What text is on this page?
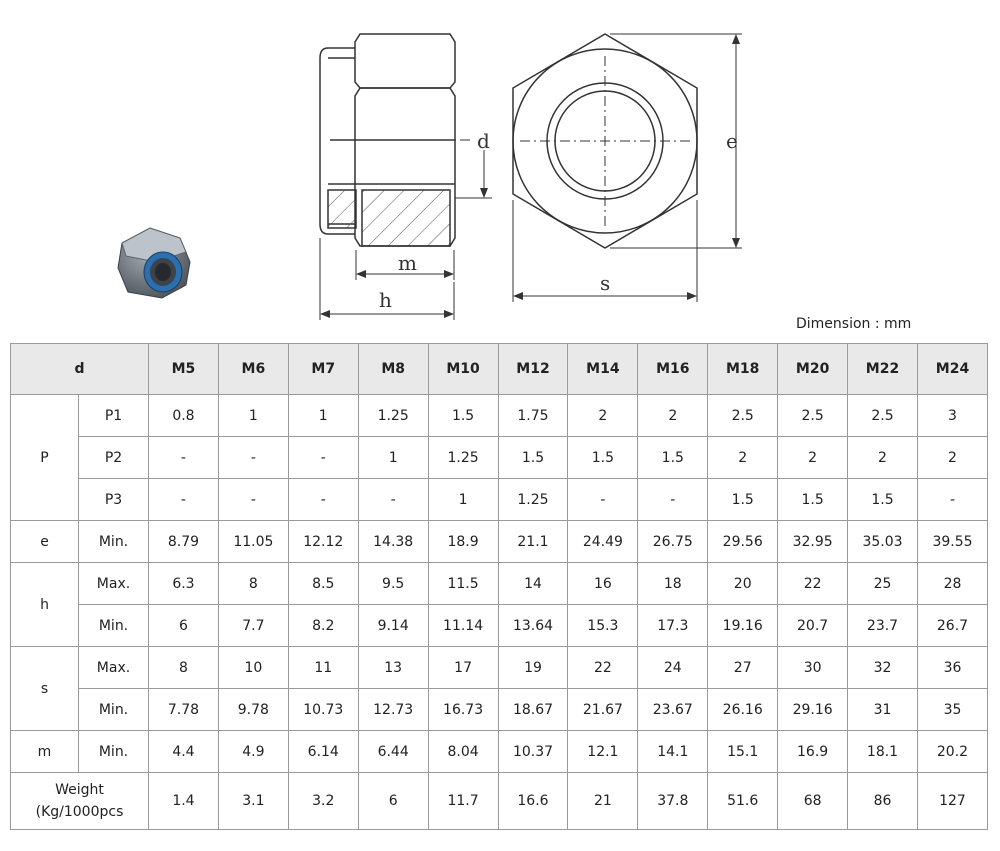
d
m
h
e
s
Dimension : mm
d		M5	M6	M7	M8	M10	M12	M14	M16	M18	M20	M22	M24
P	P1	0.8	1	1	1.25	1.5	1.75	2	2	2.5	2.5	2.5	3
	P2	-	-	-	1	1.25	1.5	1.5	1.5	2	2	2	2
	P3	-	-	-	-	1	1.25	-	-	1.5	1.5	1.5	-
e	Min.	8.79	11.05	12.12	14.38	18.9	21.1	24.49	26.75	29.56	32.95	35.03	39.55
h	Max.	6.3	8	8.5	9.5	11.5	14	16	18	20	22	25	28
	Min.	6	7.7	8.2	9.14	11.14	13.64	15.3	17.3	19.16	20.7	23.7	26.7
s	Max.	8	10	11	13	17	19	22	24	27	30	32	36
	Min.	7.78	9.78	10.73	12.73	16.73	18.67	21.67	23.67	26.16	29.16	31	35
m	Min.	4.4	4.9	6.14	6.44	8.04	10.37	12.1	14.1	15.1	16.9	18.1	20.2

Weight
(Kg/1000pcs		1.4	3.1	3.2	6	11.7	16.6	21	37.8	51.6	68	86	127
